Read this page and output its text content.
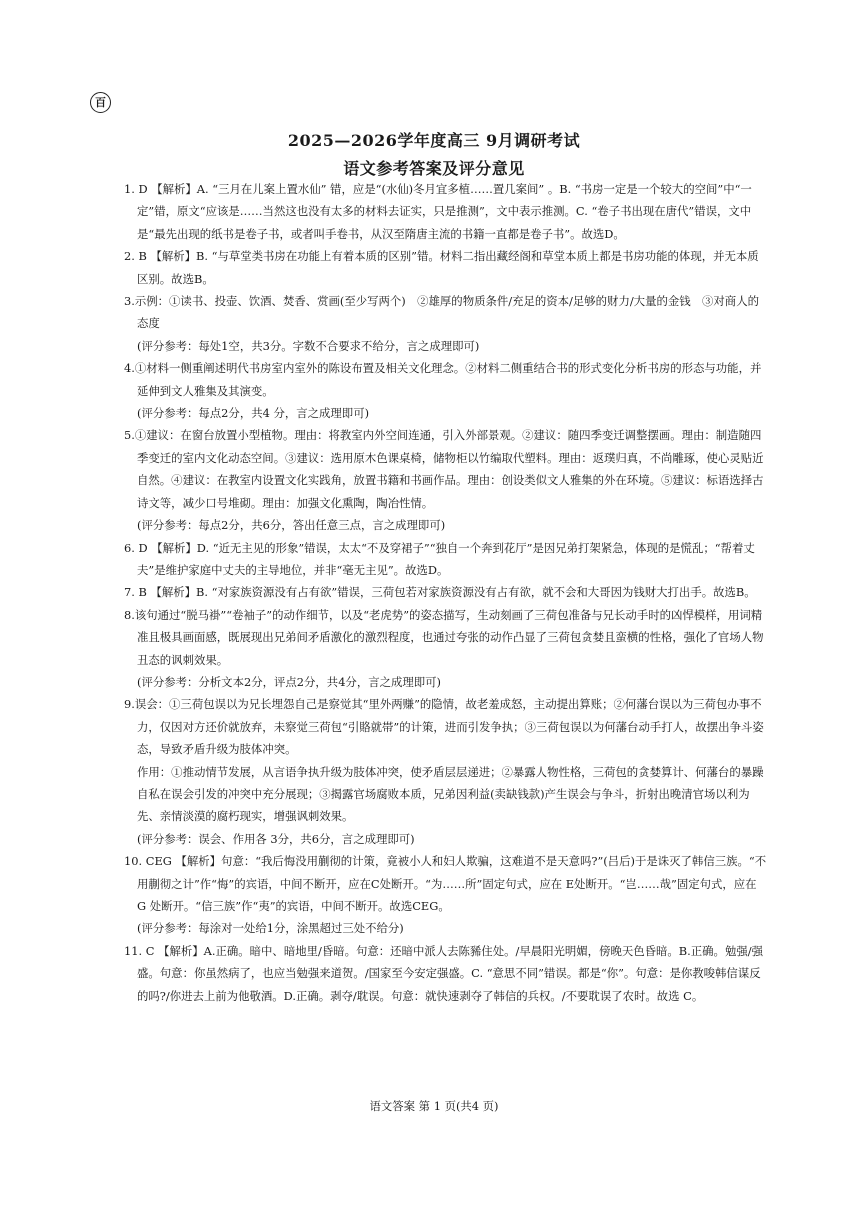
百
2025—2026学年度高三 9月调研考试
语文参考答案及评分意见

1. D 【解析】A. “三月在儿案上置水仙” 错，应是“(水仙)冬月宜多植……置几案间” 。B. “书房一定是一个较大的空间”中“一定”错，原文“应该是……当然这也没有太多的材料去证实，只是推测”，文中表示推测。C. “卷子书出现在唐代”错误，文中是“最先出现的纸书是卷子书，或者叫手卷书，从汉至隋唐主流的书籍一直都是卷子书”。故选D。

2. B 【解析】B. “与草堂类书房在功能上有着本质的区别”错。材料二指出藏经阁和草堂本质上都是书房功能的体现，并无本质区别。故选B。

3.示例：①读书、投壶、饮酒、焚香、赏画(至少写两个)　②雄厚的物质条件/充足的资本/足够的财力/大量的金钱　③对商人的态度

(评分参考：每处1空，共3分。字数不合要求不给分，言之成理即可)

4.①材料一侧重阐述明代书房室内室外的陈设布置及相关文化理念。②材料二侧重结合书的形式变化分析书房的形态与功能，并延伸到文人雅集及其演变。

(评分参考：每点2分，共4 分，言之成理即可)

5.①建议：在窗台放置小型植物。理由：将教室内外空间连通，引入外部景观。②建议：随四季变迁调整摆画。理由：制造随四季变迁的室内文化动态空间。③建议：选用原木色课桌椅，储物柜以竹编取代塑料。理由：返璞归真，不尚雕琢，使心灵贴近自然。④建议：在教室内设置文化实践角，放置书籍和书画作品。理由：创设类似文人雅集的外在环境。⑤建议：标语选择古诗文等，减少口号堆砌。理由：加强文化熏陶，陶冶性情。

(评分参考：每点2分，共6分，答出任意三点，言之成理即可)

6. D 【解析】D. “近无主见的形象”错误，太太“不及穿裙子”“独自一个奔到花厅”是因兄弟打架紧急，体现的是慌乱；“帮着丈夫”是维护家庭中丈夫的主导地位，并非“毫无主见”。故选D。

7. B 【解析】B. “对家族资源没有占有欲”错误，三荷包若对家族资源没有占有欲，就不会和大哥因为钱财大打出手。故选B。

8.该句通过“脱马褂”“卷袖子”的动作细节，以及“老虎势”的姿态描写，生动刻画了三荷包准备与兄长动手时的凶悍模样，用词精准且极具画面感，既展现出兄弟间矛盾激化的激烈程度，也通过夸张的动作凸显了三荷包贪婪且蛮横的性格，强化了官场人物丑态的讽刺效果。

(评分参考：分析文本2分，评点2分，共4分，言之成理即可)

9.误会：①三荷包误以为兄长埋怨自己是察觉其“里外两赚”的隐情，故老羞成怒，主动提出算账；②何藩台误以为三荷包办事不力，仅因对方还价就放弃，未察觉三荷包“引賂就帯”的计策，进而引发争执；③三荷包误以为何藩台动手打人，故摆出争斗姿态，导致矛盾升级为肢体冲突。

作用：①推动情节发展，从言语争执升级为肢体冲突，使矛盾层层递进；②暴露人物性格，三荷包的贪婪算计、何藩台的暴躁自私在误会引发的冲突中充分展现；③揭露官场腐败本质，兄弟因利益(卖缺钱款)产生误会与争斗，折射出晚清官场以利为先、亲情淡漠的腐朽现实，增强讽刺效果。

(评分参考：误会、作用各 3分，共6分，言之成理即可)

10. CEG 【解析】句意：“我后悔没用蒯彻的计策，竟被小人和妇人欺骗，这难道不是天意吗?”(吕后)于是诛灭了韩信三族。“不用蒯彻之计”作“悔”的宾语，中间不断开，应在C处断开。“为……所”固定句式，应在 E处断开。“岂……哉”固定句式，应在 G 处断开。“信三族”作“夷”的宾语，中间不断开。故选CEG。

(评分参考：每涂对一处给1分，涂黑超过三处不给分)

11. C 【解析】A.正确。暗中、暗地里/昏暗。句意：还暗中派人去陈豨住处。/早晨阳光明媚，傍晚天色昏暗。B.正确。勉强/强盛。句意：你虽然病了，也应当勉强来道贺。/国家至今安定强盛。C. “意思不同”错误。都是“你”。句意：是你教唆韩信谋反的吗?/你进去上前为他敬酒。D.正确。剥夺/耽误。句意：就快速剥夺了韩信的兵权。/不要耽误了农时。故选 C。

语文答案 第 1 页(共4 页)
